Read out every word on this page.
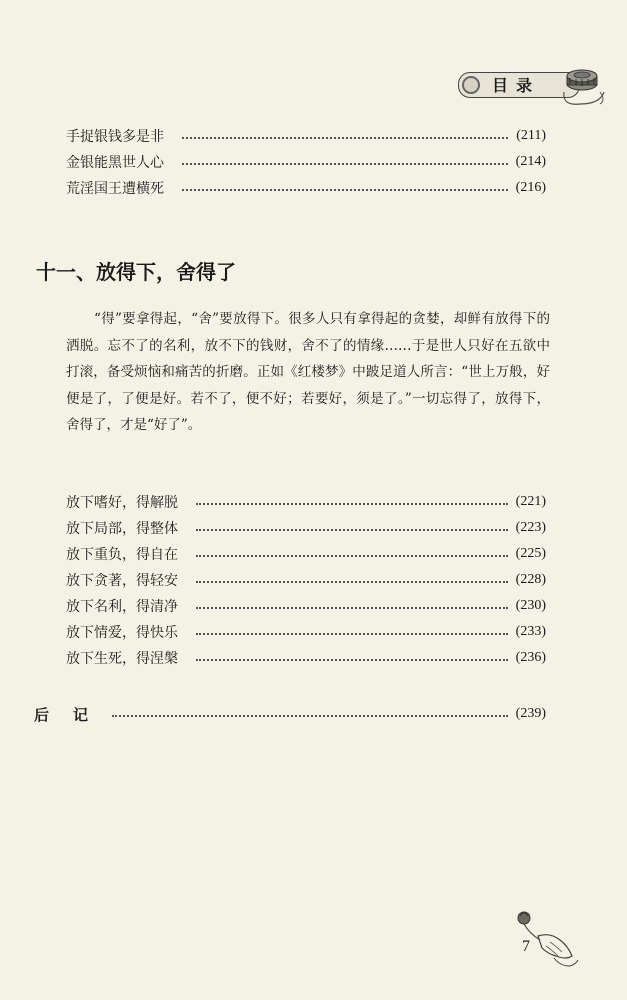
目录
手捉银钱多是非	(211)
金银能黑世人心	(214)
荒淫国王遭横死	(216)
十一、放得下，舍得了
“得”要拿得起，“舍”要放得下。很多人只有拿得起的贪婪，却鲜有放得下的洒脱。忘不了的名利，放不下的钱财，舍不了的情缘……于是世人只好在五欲中打滚，备受烦恼和痛苦的折磨。正如《红楼梦》中跛足道人所言：“世上万般，好便是了，了便是好。若不了，便不好；若要好，须是了。”一切忘得了，放得下，舍得了，才是“好了”。
放下嗜好，得解脱	(221)
放下局部，得整体	(223)
放下重负，得自在	(225)
放下贪著，得轻安	(228)
放下名利，得清净	(230)
放下情爱，得快乐	(233)
放下生死，得涅槃	(236)
后记	(239)
7
